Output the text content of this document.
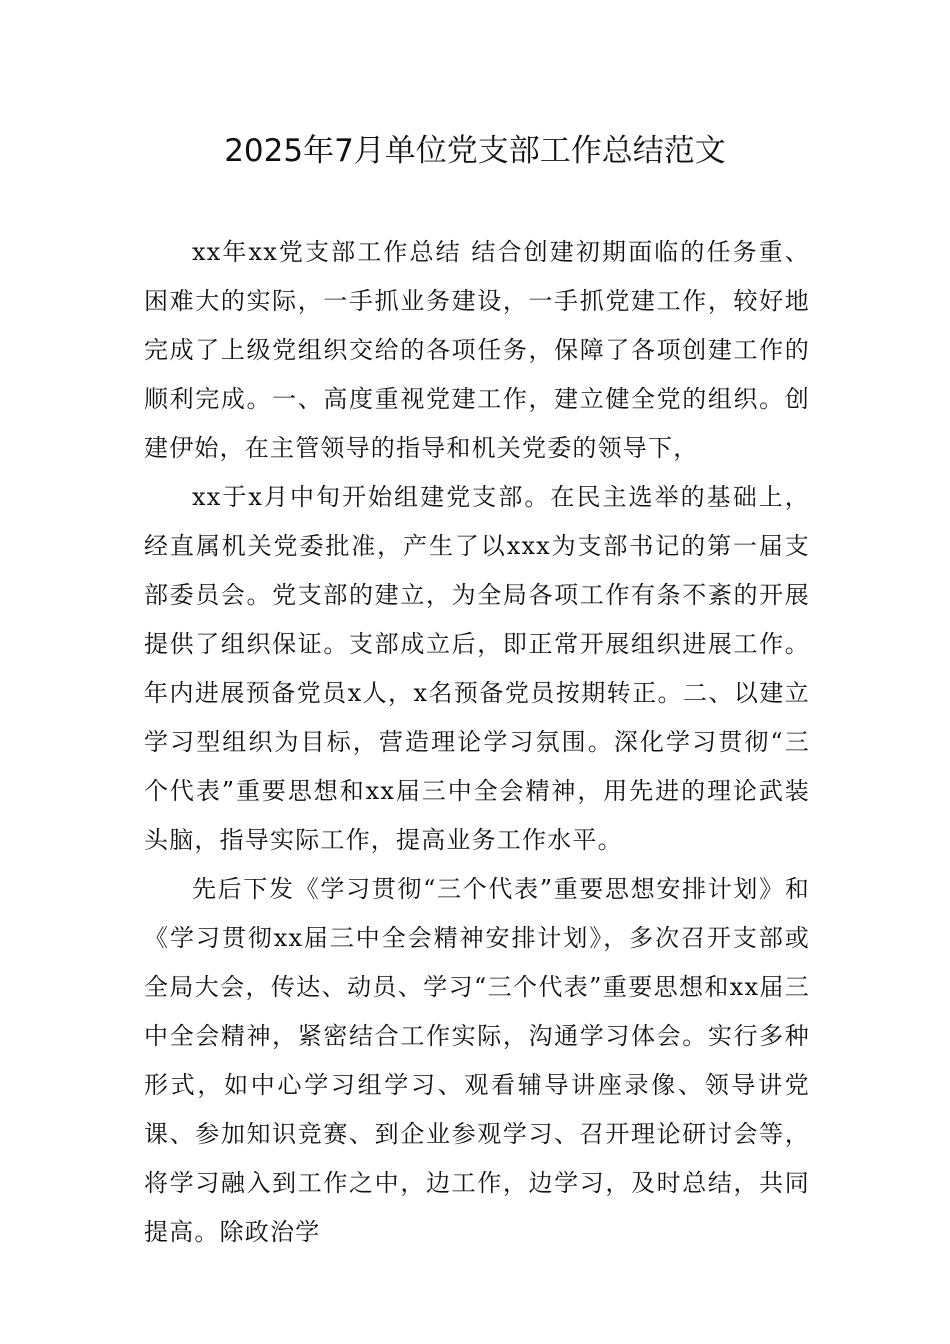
2025年7月单位党支部工作总结范文

xx年xx党支部工作总结 结合创建初期面临的任务重、困难大的实际，一手抓业务建设，一手抓党建工作，较好地完成了上级党组织交给的各项任务，保障了各项创建工作的顺利完成。一、高度重视党建工作，建立健全党的组织。创建伊始，在主管领导的指导和机关党委的领导下，

xx于x月中旬开始组建党支部。在民主选举的基础上，经直属机关党委批准，产生了以xxx为支部书记的第一届支部委员会。党支部的建立，为全局各项工作有条不紊的开展提供了组织保证。支部成立后，即正常开展组织进展工作。年内进展预备党员x人，x名预备党员按期转正。二、以建立学习型组织为目标，营造理论学习氛围。深化学习贯彻“三个代表”重要思想和xx届三中全会精神，用先进的理论武装头脑，指导实际工作，提高业务工作水平。

先后下发《学习贯彻“三个代表”重要思想安排计划》和《学习贯彻xx届三中全会精神安排计划》，多次召开支部或全局大会，传达、动员、学习“三个代表”重要思想和xx届三中全会精神，紧密结合工作实际，沟通学习体会。实行多种形式，如中心学习组学习、观看辅导讲座录像、领导讲党课、参加知识竞赛、到企业参观学习、召开理论研讨会等，将学习融入到工作之中，边工作，边学习，及时总结，共同提高。除政治学
